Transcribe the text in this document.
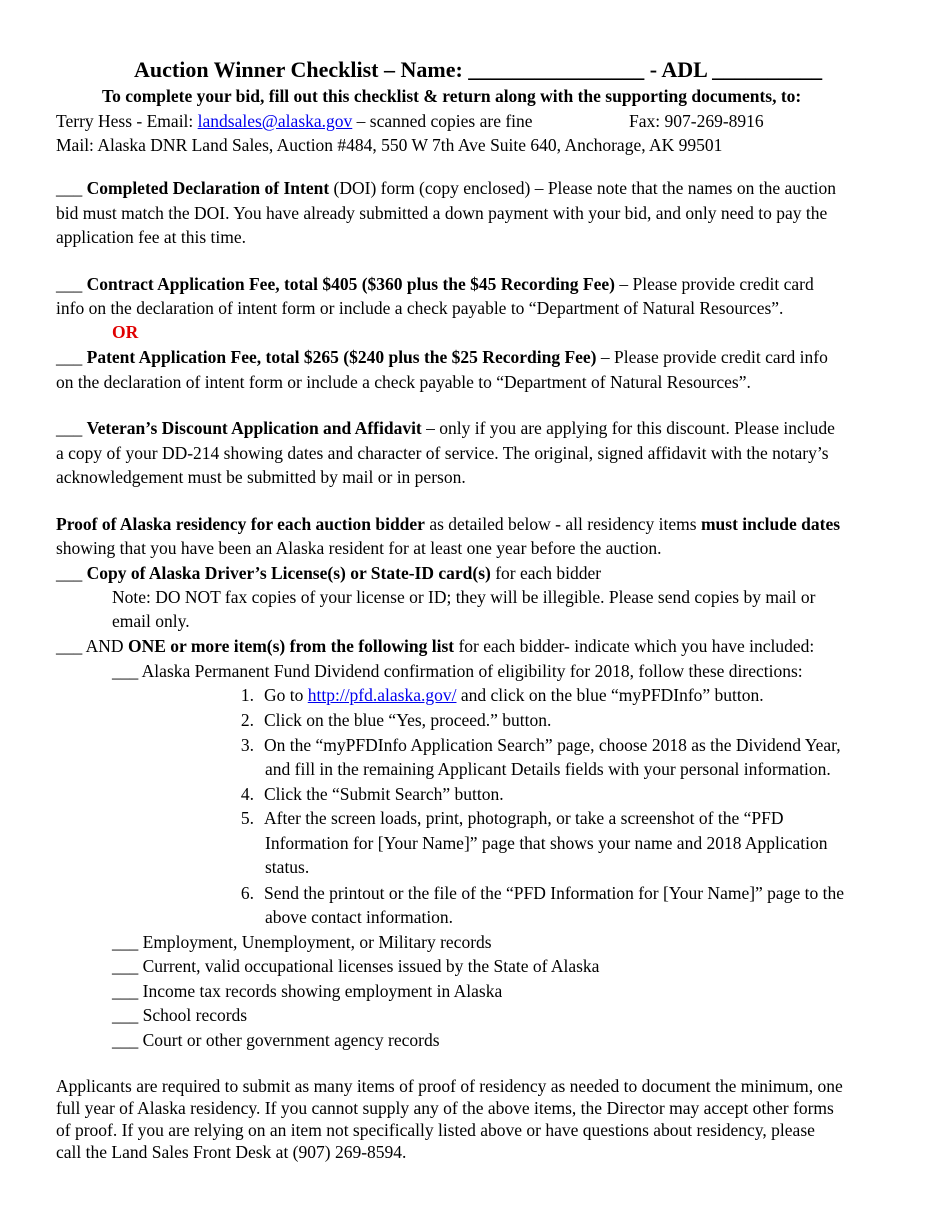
Auction Winner Checklist – Name: ________________ - ADL __________
To complete your bid, fill out this checklist & return along with the supporting documents, to:
Terry Hess - Email: landsales@alaska.gov – scanned copies are fine	Fax: 907-269-8916
Mail: Alaska DNR Land Sales, Auction #484, 550 W 7th Ave Suite 640, Anchorage, AK 99501
___ Completed Declaration of Intent (DOI) form (copy enclosed) – Please note that the names on the auction
bid must match the DOI. You have already submitted a down payment with your bid, and only need to pay the
application fee at this time.
___ Contract Application Fee, total $405 ($360 plus the $45 Recording Fee) – Please provide credit card
info on the declaration of intent form or include a check payable to “Department of Natural Resources”.
OR
___ Patent Application Fee, total $265 ($240 plus the $25 Recording Fee) – Please provide credit card info
on the declaration of intent form or include a check payable to “Department of Natural Resources”.
___ Veteran’s Discount Application and Affidavit – only if you are applying for this discount. Please include
a copy of your DD-214 showing dates and character of service. The original, signed affidavit with the notary’s
acknowledgement must be submitted by mail or in person.
Proof of Alaska residency for each auction bidder as detailed below - all residency items must include dates
showing that you have been an Alaska resident for at least one year before the auction.
___ Copy of Alaska Driver’s License(s) or State-ID card(s) for each bidder
Note: DO NOT fax copies of your license or ID; they will be illegible. Please send copies by mail or
email only.
___ AND ONE or more item(s) from the following list for each bidder- indicate which you have included:
___ Alaska Permanent Fund Dividend confirmation of eligibility for 2018, follow these directions:
1. Go to http://pfd.alaska.gov/ and click on the blue “myPFDInfo” button.
2. Click on the blue “Yes, proceed.” button.
3. On the “myPFDInfo Application Search” page, choose 2018 as the Dividend Year,
and fill in the remaining Applicant Details fields with your personal information.
4. Click the “Submit Search” button.
5. After the screen loads, print, photograph, or take a screenshot of the “PFD
Information for [Your Name]” page that shows your name and 2018 Application
status.
6. Send the printout or the file of the “PFD Information for [Your Name]” page to the
above contact information.
___ Employment, Unemployment, or Military records
___ Current, valid occupational licenses issued by the State of Alaska
___ Income tax records showing employment in Alaska
___ School records
___ Court or other government agency records
Applicants are required to submit as many items of proof of residency as needed to document the minimum, one
full year of Alaska residency. If you cannot supply any of the above items, the Director may accept other forms
of proof. If you are relying on an item not specifically listed above or have questions about residency, please
call the Land Sales Front Desk at (907) 269-8594.
